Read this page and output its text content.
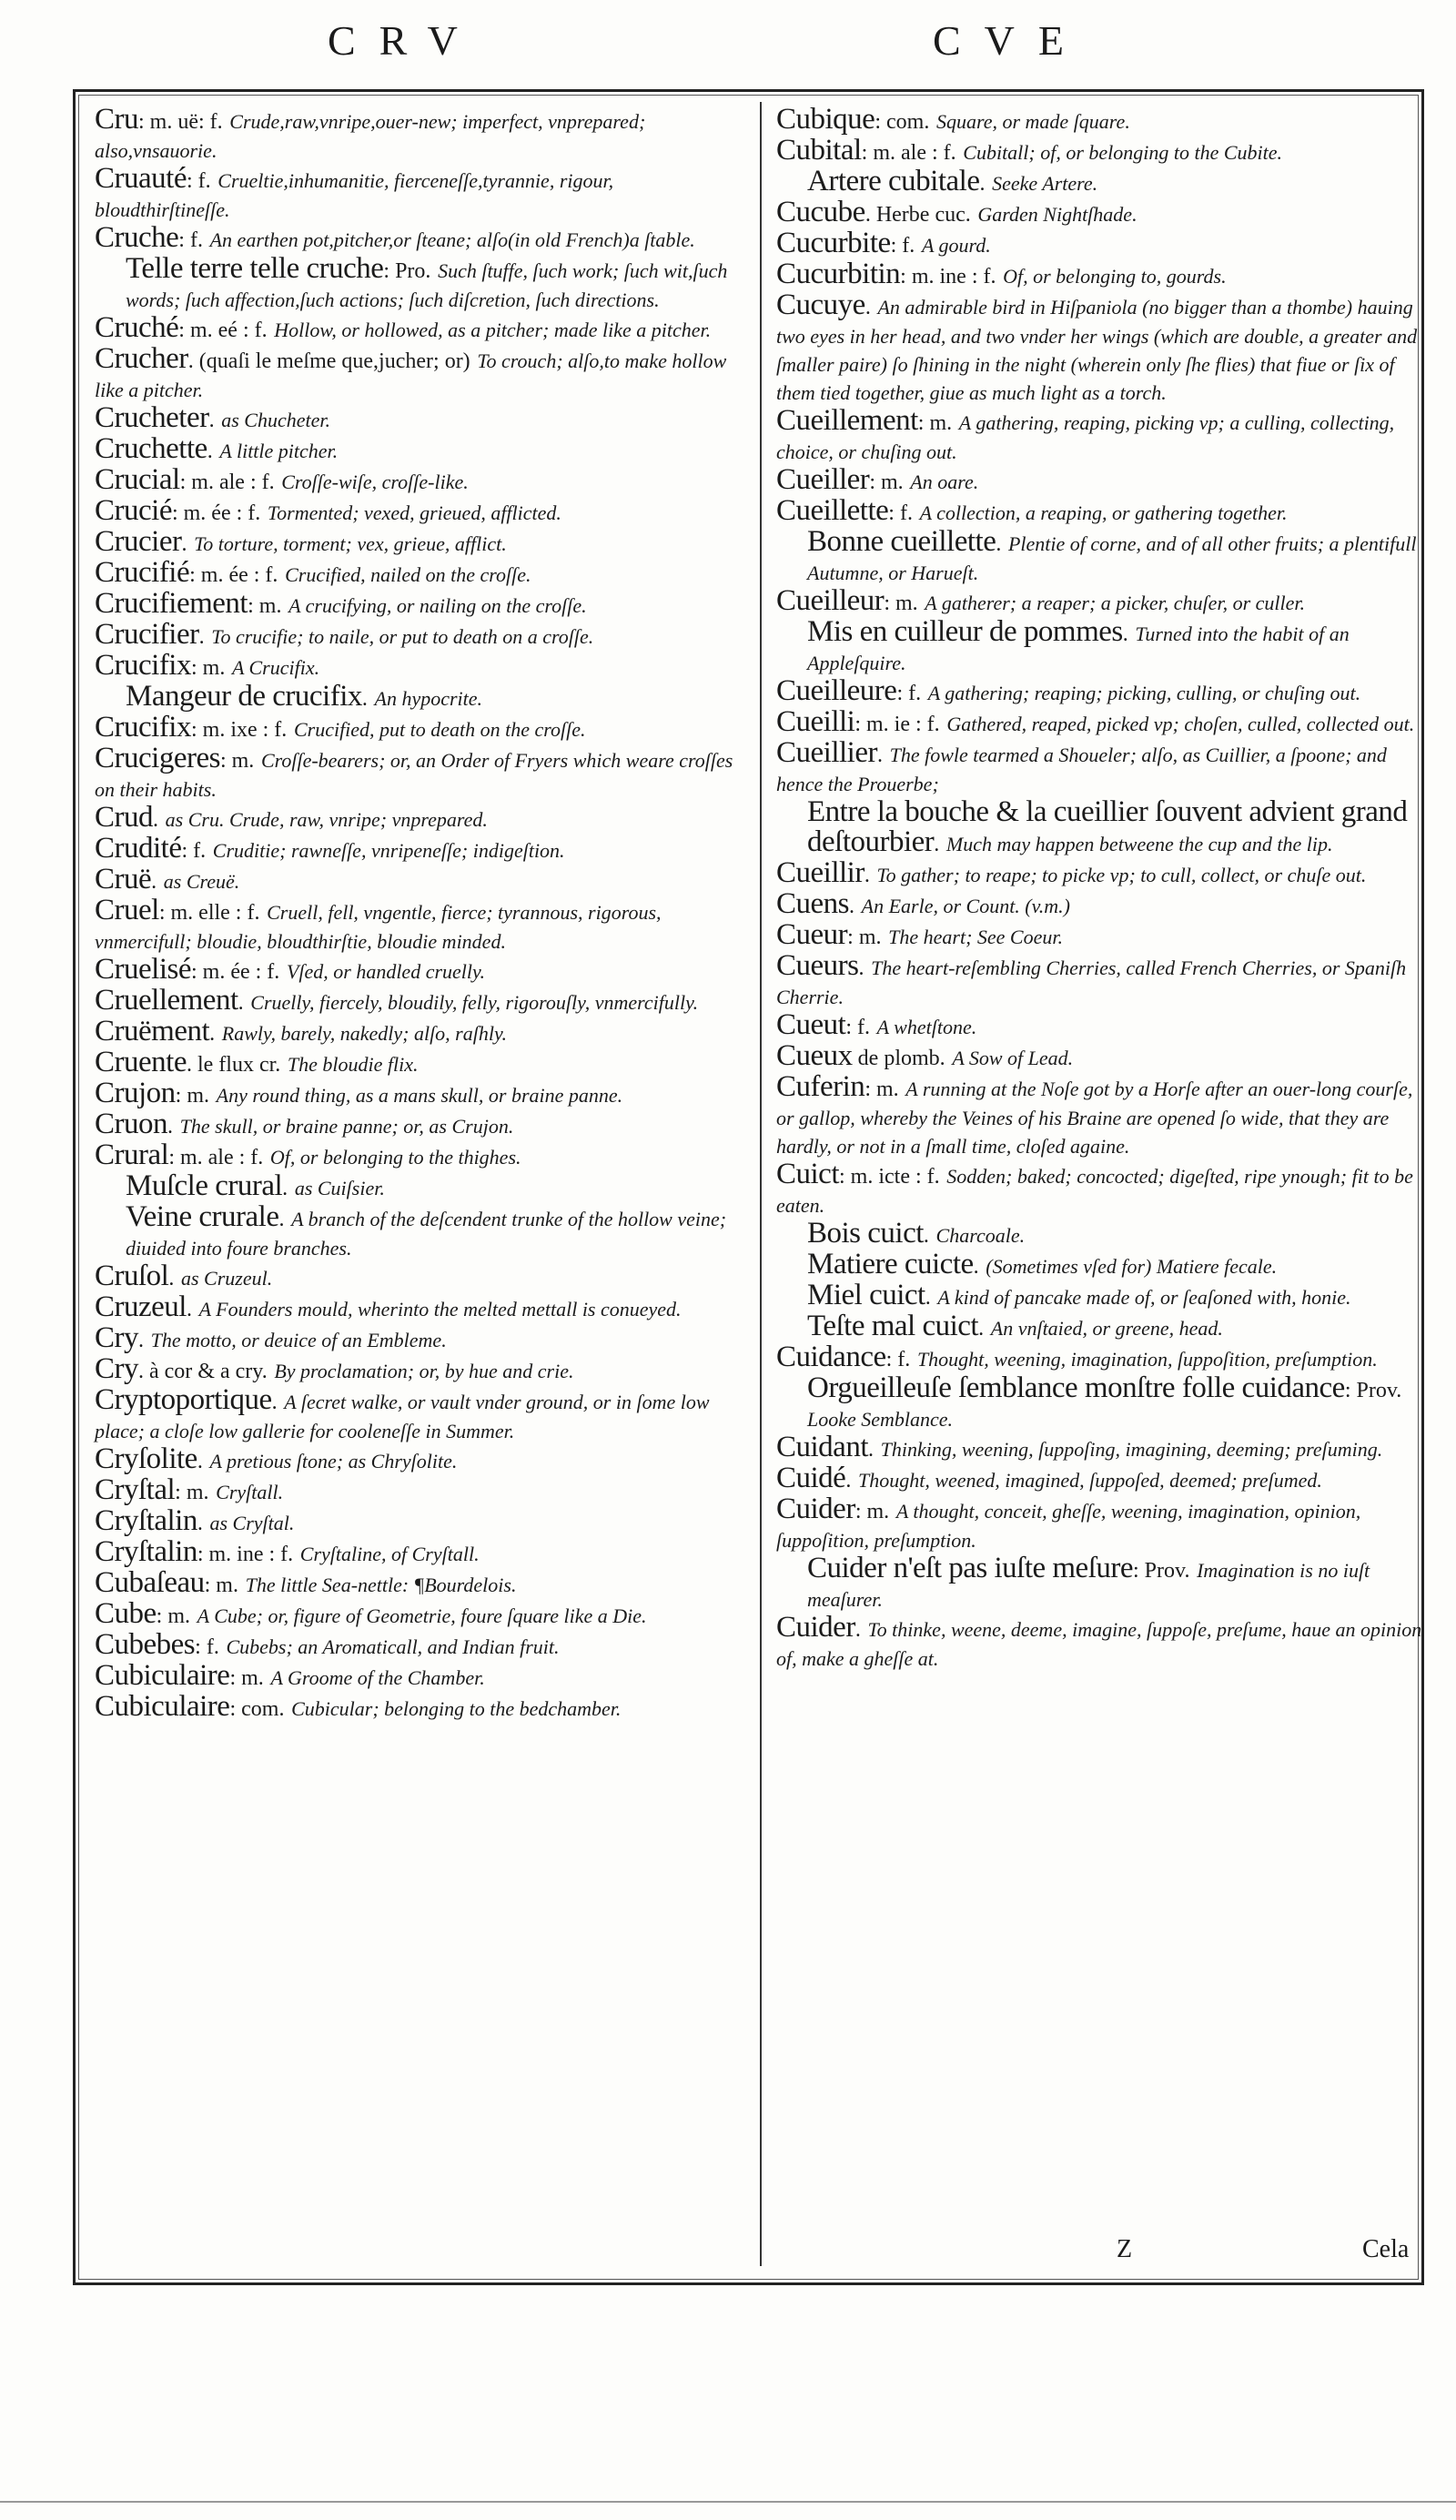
CRV	CVE
Cru: m. uë: f. Crude,raw,vnripe,ouer-new; imperfect, vnprepared; also,vnsauorie.
Cruauté: f. Crueltie,inhumanitie, fierceneſſe,tyrannie, rigour, bloudthirſtineſſe.
Cruche: f. An earthen pot,pitcher,or ſteane; alſo(in old French)a ſtable.
Telle terre telle cruche: Pro. Such ſtuffe, ſuch work; ſuch wit,ſuch words; ſuch affection,ſuch actions; ſuch diſcretion, ſuch directions.
Cruché: m. eé : f. Hollow, or hollowed, as a pitcher; made like a pitcher.
Crucher. (quaſi le meſme que,jucher; or) To crouch; alſo,to make hollow like a pitcher.
Crucheter. as Chucheter.
Cruchette. A little pitcher.
Crucial: m. ale : f. Croſſe-wiſe, croſſe-like.
Crucié: m. ée : f. Tormented; vexed, grieued, afflicted.
Crucier. To torture, torment; vex, grieue, afflict.
Crucifié: m. ée : f. Crucified, nailed on the croſſe.
Crucifiement: m. A crucifying, or nailing on the croſſe.
Crucifier. To crucifie; to naile, or put to death on a croſſe.
Crucifix: m. A Crucifix.
Mangeur de crucifix. An hypocrite.
Crucifix: m. ixe : f. Crucified, put to death on the croſſe.
Crucigeres: m. Croſſe-bearers; or, an Order of Fryers which weare croſſes on their habits.
Crud. as Cru. Crude, raw, vnripe; vnprepared.
Crudité: f. Cruditie; rawneſſe, vnripeneſſe; indigeſtion.
Cruë. as Creuë.
Cruel: m. elle : f. Cruell, fell, vngentle, fierce; tyrannous, rigorous, vnmercifull; bloudie, bloudthirſtie, bloudie minded.
Cruelisé: m. ée : f. Vſed, or handled cruelly.
Cruellement. Cruelly, fiercely, bloudily, felly, rigorouſly, vnmercifully.
Cruëment. Rawly, barely, nakedly; alſo, raſhly.
Cruente. le flux cr. The bloudie flix.
Crujon: m. Any round thing, as a mans skull, or braine panne.
Cruon. The skull, or braine panne; or, as Crujon.
Crural: m. ale : f. Of, or belonging to the thighes.
Muſcle crural. as Cuiſsier.
Veine crurale. A branch of the deſcendent trunke of the hollow veine; diuided into foure branches.
Cruſol. as Cruzeul.
Cruzeul. A Founders mould, wherinto the melted mettall is conueyed.
Cry. The motto, or deuice of an Embleme.
Cry. à cor & a cry. By proclamation; or, by hue and crie.
Cryptoportique. A ſecret walke, or vault vnder ground, or in ſome low place; a cloſe low gallerie for cooleneſſe in Summer.
Cryſolite. A pretious ſtone; as Chryſolite.
Cryſtal: m. Cryſtall.
Cryſtalin. as Cryſtal.
Cryſtalin: m. ine : f. Cryſtaline, of Cryſtall.
Cubaſeau: m. The little Sea-nettle: ¶Bourdelois.
Cube: m. A Cube; or, figure of Geometrie, foure ſquare like a Die.
Cubebes: f. Cubebs; an Aromaticall, and Indian fruit.
Cubiculaire: m. A Groome of the Chamber.
Cubiculaire: com. Cubicular; belonging to the bedchamber.
Cubique: com. Square, or made ſquare.
Cubital: m. ale : f. Cubitall; of, or belonging to the Cubite.
Artere cubitale. Seeke Artere.
Cucube. Herbe cuc. Garden Nightſhade.
Cucurbite: f. A gourd.
Cucurbitin: m. ine : f. Of, or belonging to, gourds.
Cucuye. An admirable bird in Hiſpaniola (no bigger than a thombe) hauing two eyes in her head, and two vnder her wings (which are double, a greater and ſmaller paire) ſo ſhining in the night (wherein only ſhe flies) that fiue or ſix of them tied together, giue as much light as a torch.
Cueillement: m. A gathering, reaping, picking vp; a culling, collecting, choice, or chuſing out.
Cueiller: m. An oare.
Cueillette: f. A collection, a reaping, or gathering together.
Bonne cueillette. Plentie of corne, and of all other fruits; a plentifull Autumne, or Harueſt.
Cueilleur: m. A gatherer; a reaper; a picker, chuſer, or culler.
Mis en cuilleur de pommes. Turned into the habit of an Appleſquire.
Cueilleure: f. A gathering; reaping; picking, culling, or chuſing out.
Cueilli: m. ie : f. Gathered, reaped, picked vp; choſen, culled, collected out.
Cueillier. The fowle tearmed a Shoueler; alſo, as Cuillier, a ſpoone; and hence the Prouerbe;
Entre la bouche & la cueillier ſouvent advient grand deſtourbier. Much may happen betweene the cup and the lip.
Cueillir. To gather; to reape; to picke vp; to cull, collect, or chuſe out.
Cuens. An Earle, or Count. (v.m.)
Cueur: m. The heart; See Coeur.
Cueurs. The heart-reſembling Cherries, called French Cherries, or Spaniſh Cherrie.
Cueut: f. A whetſtone.
Cueux de plomb. A Sow of Lead.
Cuferin: m. A running at the Noſe got by a Horſe after an ouer-long courſe, or gallop, whereby the Veines of his Braine are opened ſo wide, that they are hardly, or not in a ſmall time, cloſed againe.
Cuict: m. icte : f. Sodden; baked; concocted; digeſted, ripe ynough; fit to be eaten.
Bois cuict. Charcoale.
Matiere cuicte. (Sometimes vſed for) Matiere fecale.
Miel cuict. A kind of pancake made of, or ſeaſoned with, honie.
Teſte mal cuict. An vnſtaied, or greene, head.
Cuidance: f. Thought, weening, imagination, ſuppoſition, preſumption.
Orgueilleuſe ſemblance monſtre folle cuidance: Prov. Looke Semblance.
Cuidant. Thinking, weening, ſuppoſing, imagining, deeming; preſuming.
Cuidé. Thought, weened, imagined, ſuppoſed, deemed; preſumed.
Cuider: m. A thought, conceit, gheſſe, weening, imagination, opinion, ſuppoſition, preſumption.
Cuider n'eſt pas iuſte meſure: Prov. Imagination is no iuſt meaſurer.
Cuider. To thinke, weene, deeme, imagine, ſuppoſe, preſume, haue an opinion of, make a gheſſe at.
Z	Cela
